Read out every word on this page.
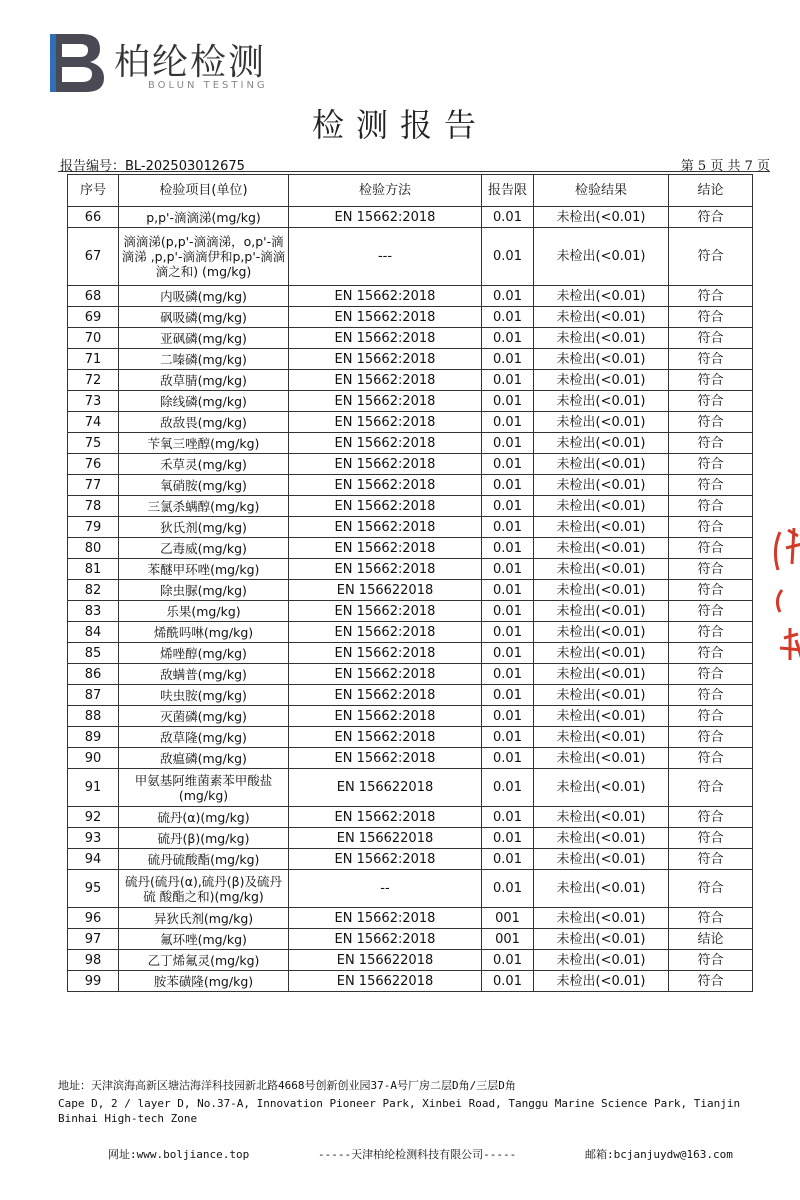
柏纶检测
BOLUN TESTING
检测报告
报告编号：BL-202503012675	第 5 页 共 7 页
序号	检验项目(单位)	检验方法	报告限	检验结果	结论
66	p,p'-滴滴涕(mg/kg)	EN 15662:2018	0.01	未检出(<0.01)	符合
67	滴滴涕(p,p'-滴滴涕，o,p'-滴滴涕 ,p,p'-滴滴伊和p,p'-滴滴滴之和) (mg/kg)	---	0.01	未检出(<0.01)	符合
68	内吸磷(mg/kg)	EN 15662:2018	0.01	未检出(<0.01)	符合
69	砜吸磷(mg/kg)	EN 15662:2018	0.01	未检出(<0.01)	符合
70	亚砜磷(mg/kg)	EN 15662:2018	0.01	未检出(<0.01)	符合
71	二嗪磷(mg/kg)	EN 15662:2018	0.01	未检出(<0.01)	符合
72	敌草腈(mg/kg)	EN 15662:2018	0.01	未检出(<0.01)	符合
73	除线磷(mg/kg)	EN 15662:2018	0.01	未检出(<0.01)	符合
74	敌敌畏(mg/kg)	EN 15662:2018	0.01	未检出(<0.01)	符合
75	苄氧三唑醇(mg/kg)	EN 15662:2018	0.01	未检出(<0.01)	符合
76	禾草灵(mg/kg)	EN 15662:2018	0.01	未检出(<0.01)	符合
77	氧硝胺(mg/kg)	EN 15662:2018	0.01	未检出(<0.01)	符合
78	三氯杀螨醇(mg/kg)	EN 15662:2018	0.01	未检出(<0.01)	符合
79	狄氏剂(mg/kg)	EN 15662:2018	0.01	未检出(<0.01)	符合
80	乙毒威(mg/kg)	EN 15662:2018	0.01	未检出(<0.01)	符合
81	苯醚甲环唑(mg/kg)	EN 15662:2018	0.01	未检出(<0.01)	符合
82	除虫脲(mg/kg)	EN 156622018	0.01	未检出(<0.01)	符合
83	乐果(mg/kg)	EN 15662:2018	0.01	未检出(<0.01)	符合
84	烯酰吗啉(mg/kg)	EN 15662:2018	0.01	未检出(<0.01)	符合
85	烯唑醇(mg/kg)	EN 15662:2018	0.01	未检出(<0.01)	符合
86	敌螨普(mg/kg)	EN 15662:2018	0.01	未检出(<0.01)	符合
87	呋虫胺(mg/kg)	EN 15662:2018	0.01	未检出(<0.01)	符合
88	灭菌磷(mg/kg)	EN 15662:2018	0.01	未检出(<0.01)	符合
89	敌草隆(mg/kg)	EN 15662:2018	0.01	未检出(<0.01)	符合
90	敌瘟磷(mg/kg)	EN 15662:2018	0.01	未检出(<0.01)	符合
91	甲氨基阿维菌素苯甲酸盐(mg/kg)	EN 156622018	0.01	未检出(<0.01)	符合
92	硫丹(α)(mg/kg)	EN 15662:2018	0.01	未检出(<0.01)	符合
93	硫丹(β)(mg/kg)	EN 156622018	0.01	未检出(<0.01)	符合
94	硫丹硫酸酯(mg/kg)	EN 15662:2018	0.01	未检出(<0.01)	符合
95	硫丹(硫丹(α),硫丹(β)及硫丹硫 酸酯之和)(mg/kg)	--	0.01	未检出(<0.01)	符合
96	异狄氏剂(mg/kg)	EN 15662:2018	001	未检出(<0.01)	符合
97	氟环唑(mg/kg)	EN 15662:2018	001	未检出(<0.01)	结论
98	乙丁烯氟灵(mg/kg)	EN 156622018	0.01	未检出(<0.01)	符合
99	胺苯磺隆(mg/kg)	EN 156622018	0.01	未检出(<0.01)	符合
地址：天津滨海高新区塘沽海洋科技园新北路4668号创新创业园37-A号厂房二层D角/三层D角
Cape D, 2 / layer D, No.37-A, Innovation Pioneer Park, Xinbei Road, Tanggu Marine Science Park, Tianjin Binhai High-tech Zone
网址:www.boljiance.top	-----天津柏纶检测科技有限公司-----	邮箱:bcjanjuydw@163.com
